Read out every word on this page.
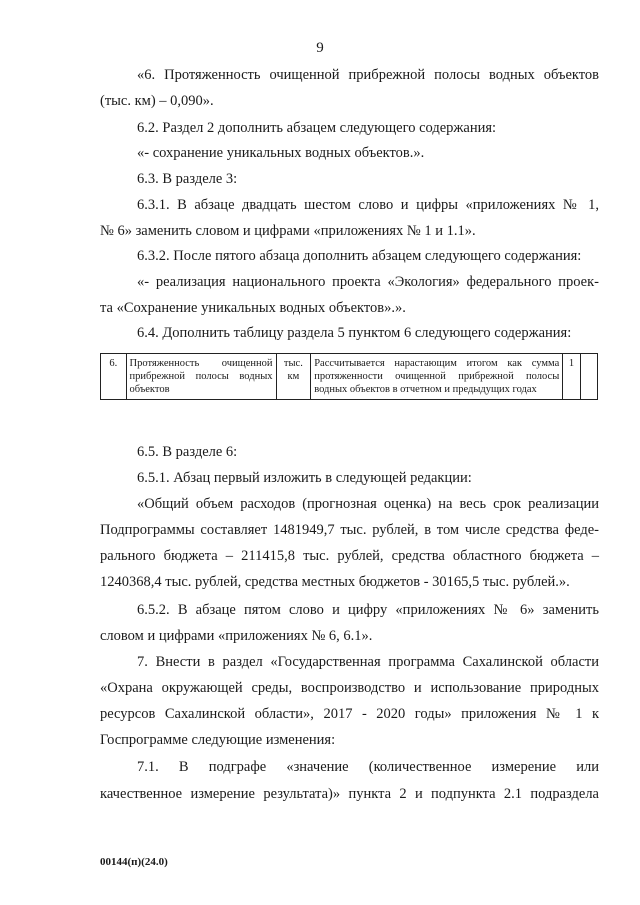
9
«6. Протяженность очищенной прибрежной полосы водных объектов
(тыс. км) – 0,090».
6.2. Раздел 2 дополнить абзацем следующего содержания:
«- сохранение уникальных водных объектов.».
6.3. В разделе 3:
6.3.1. В абзаце двадцать шестом слово и цифры «приложениях № 1,
№ 6» заменить словом и цифрами «приложениях № 1 и 1.1».
6.3.2. После пятого абзаца дополнить абзацем следующего содержания:
«- реализация национального проекта «Экология» федерального проек-
та «Сохранение уникальных водных объектов».».
6.4. Дополнить таблицу раздела 5 пунктом 6 следующего содержания:
6.	Протяженность очищенной прибрежной полосы водных объектов	тыс. км	Рассчитывается нарастающим итогом как сумма протяженности очищенной прибрежной полосы водных объектов в отчетном и предыдущих годах	1	
6.5. В разделе 6:
6.5.1. Абзац первый изложить в следующей редакции:
«Общий объем расходов (прогнозная оценка) на весь срок реализации
Подпрограммы составляет 1481949,7 тыс. рублей, в том числе средства феде-
рального бюджета – 211415,8 тыс. рублей, средства областного бюджета –
1240368,4 тыс. рублей, средства местных бюджетов - 30165,5 тыс. рублей.».
6.5.2. В абзаце пятом слово и цифру «приложениях № 6» заменить
словом и цифрами «приложениях № 6, 6.1».
7. Внести в раздел «Государственная программа Сахалинской области
«Охрана окружающей среды, воспроизводство и использование природных
ресурсов Сахалинской области», 2017 - 2020 годы» приложения № 1 к
Госпрограмме следующие изменения:
7.1. В подграфе «значение (количественное измерение или
качественное измерение результата)» пункта 2 и подпункта 2.1 подраздела
00144(п)(24.0)
